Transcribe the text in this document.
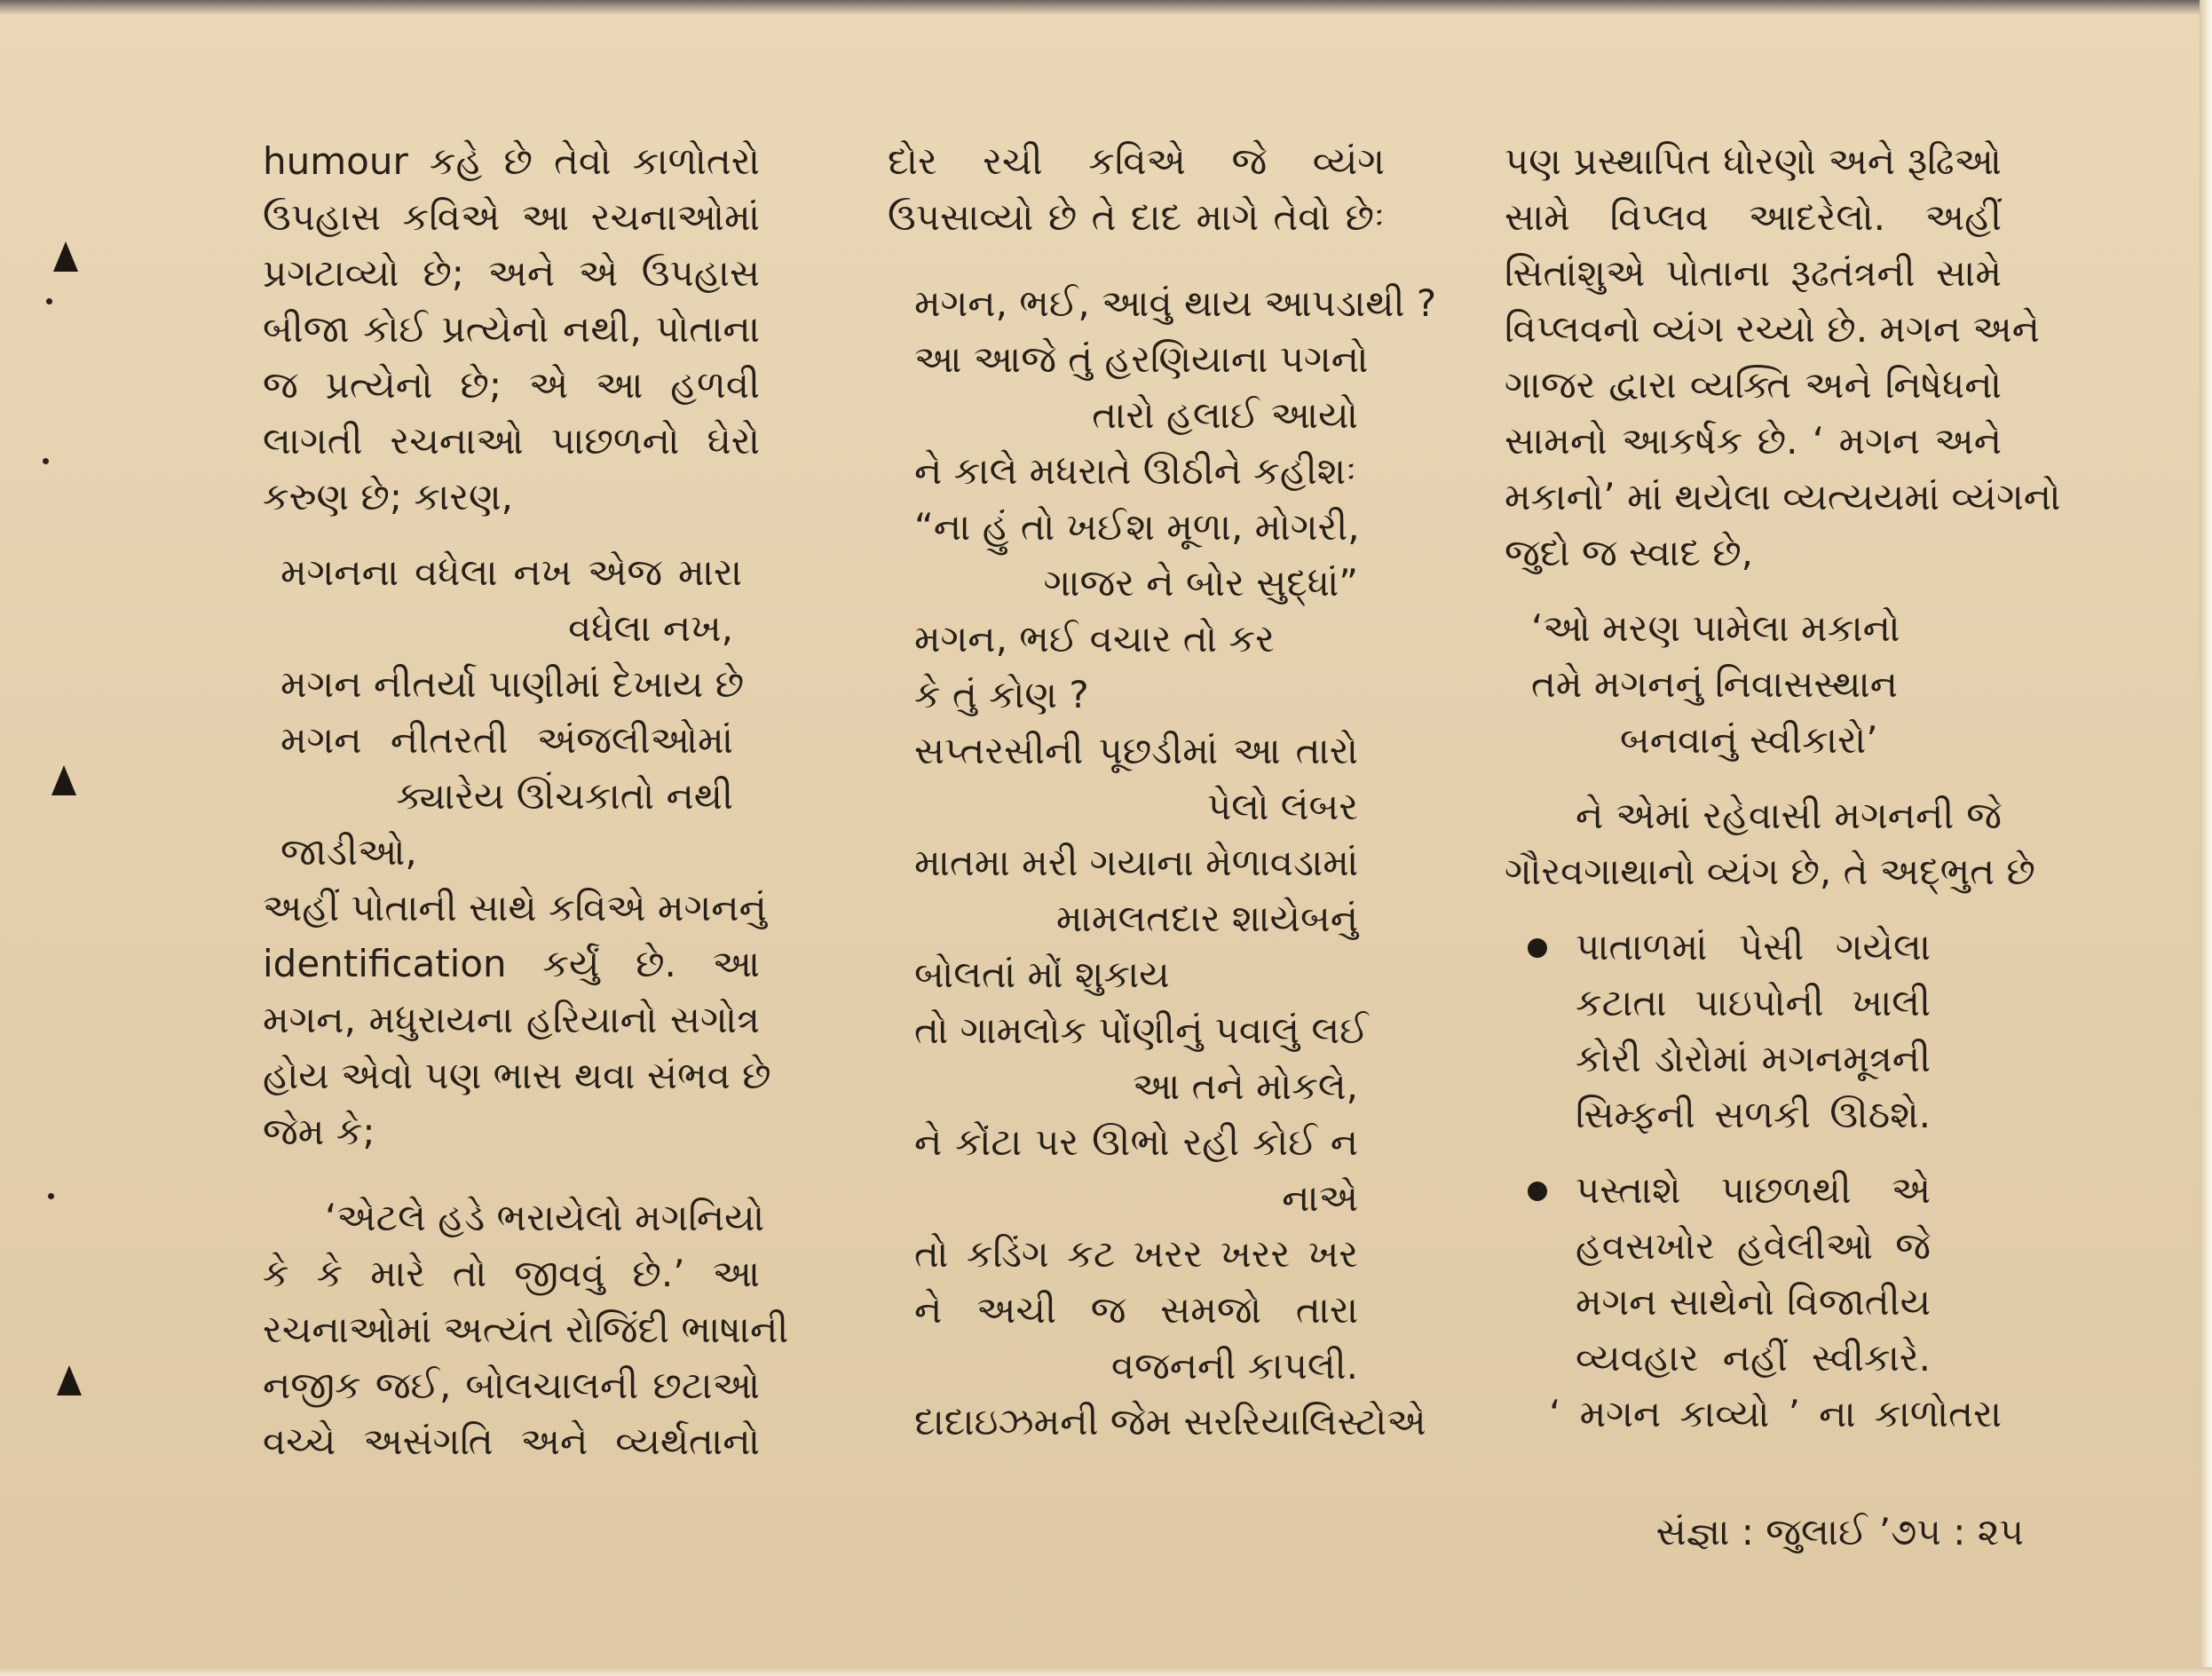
humour કહે છે તેવો કાળોતરો
ઉપહાસ કવિએ આ રચનાઓમાં
પ્રગટાવ્યો છે; અને એ ઉપહાસ
બીજા કોઈ પ્રત્યેનો નથી, પોતાના
જ પ્રત્યેનો છે; એ આ હળવી
લાગતી રચનાઓ પાછળનો ઘેરો
કરુણ છે; કારણ,
મગનના વધેલા નખ એજ મારા
વધેલા નખ,
મગન નીતર્યા પાણીમાં દેખાય છે
મગન નીતરતી અંજલીઓમાં
ક્યારેય ઊંચકાતો નથી
જાડીઓ,
અહીં પોતાની સાથે કવિએ મગનનું
identification કર્યું છે. આ
મગન, મધુરાયના હરિયાનો સગોત્ર
હોય એવો પણ ભાસ થવા સંભવ છે
જેમ કે;
‘એટલે હડે ભરાયેલો મગનિયો
કે કે મારે તો જીવવું છે.’ આ
રચનાઓમાં અત્યંત રોજિંદી ભાષાની
નજીક જઈ, બોલચાલની છટાઓ
વચ્ચે અસંગતિ અને વ્યર્થતાનો
દોર રચી કવિએ જે વ્યંગ
ઉપસાવ્યો છે તે દાદ માગે તેવો છેઃ
મગન, ભઈ, આવું થાય આપડાથી ?
આ આજે તું હરણિયાના પગનો
તારો હલાઈ આયો
ને કાલે મધરાતે ઊઠીને કહીશઃ
“ના હું તો ખઈશ મૂળા, મોગરી,
ગાજર ને બોર સુદ્ધાં”
મગન, ભઈ વચાર તો કર
કે તું કોણ ?
સપ્તરસીની પૂછડીમાં આ તારો
પેલો લંબર
માતમા મરી ગયાના મેળાવડામાં
મામલતદાર શાયેબનું
બોલતાં મોં શુકાય
તો ગામલોક પોંણીનું પવાલું લઈ
આ તને મોકલે,
ને કોંટા પર ઊભો રહી કોઈ ન
નાએ
તો કડિંગ કટ ખરર ખરર ખર
ને અચી જ સમજો તારા
વજનની કાપલી.
દાદાઇઝમની જેમ સરરિયાલિસ્ટોએ
પણ પ્રસ્થાપિત ધોરણો અને રૂઢિઓ
સામે વિપ્લવ આદરેલો. અહીં
સિતાંશુએ પોતાના રૂઢતંત્રની સામે
વિપ્લવનો વ્યંગ રચ્યો છે. મગન અને
ગાજર દ્વારા વ્યક્તિ અને નિષેધનો
સામનો આકર્ષક છે. ‘ મગન અને
મકાનો’ માં થયેલા વ્યત્યયમાં વ્યંગનો
જુદો જ સ્વાદ છે,
‘ઓ મરણ પામેલા મકાનો
તમે મગનનું નિવાસસ્થાન
બનવાનું સ્વીકારો’
ને એમાં રહેવાસી મગનની જે
ગૌરવગાથાનો વ્યંગ છે, તે અદ્ભુત છે
પાતાળમાં પેસી ગયેલા
કટાતા પાઇપોની ખાલી
કોરી ડોરોમાં મગનમૂત્રની
સિમ્ફની સળકી ઊઠશે.
પસ્તાશે પાછળથી એ
હવસખોર હવેલીઓ જે
મગન સાથેનો વિજાતીય
વ્યવહાર નહીં સ્વીકારે.
‘ મગન કાવ્યો ’ ના કાળોતરા
સંજ્ઞા : જુલાઈ ’૭૫ : ૨૫
